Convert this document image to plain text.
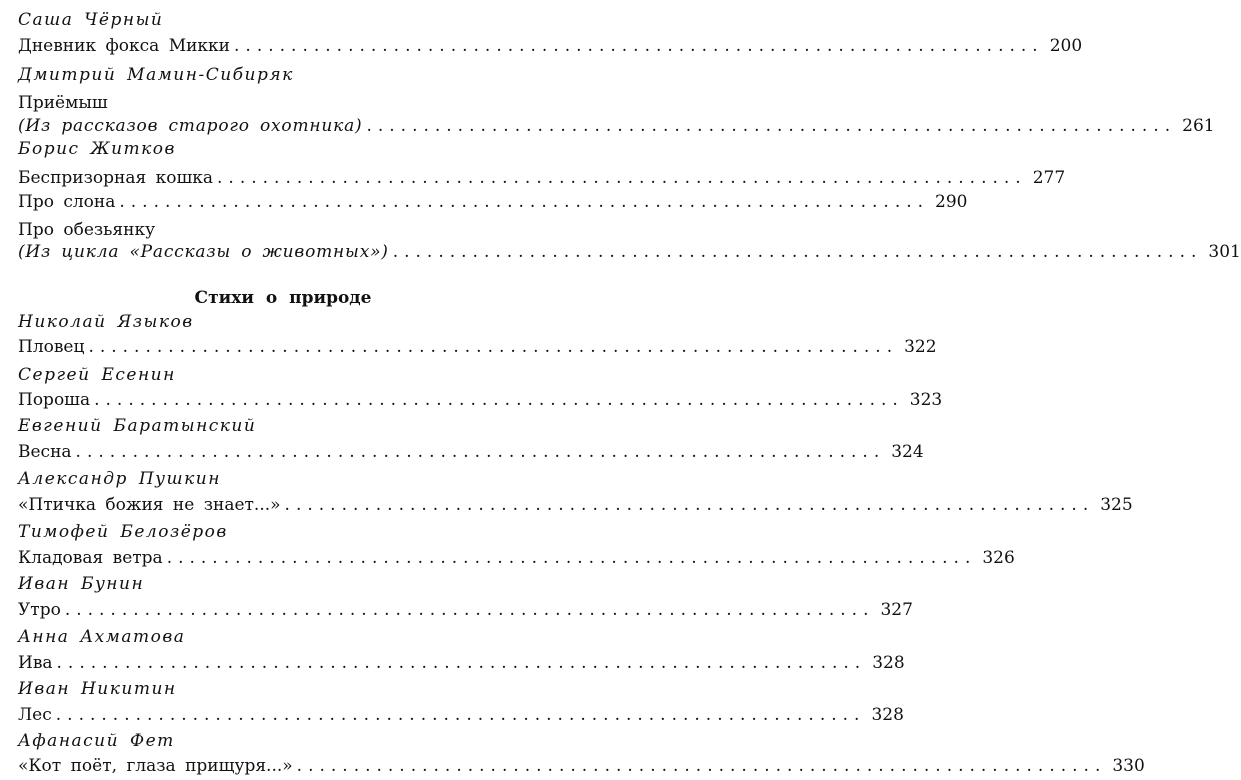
Саша Чёрный
Дневник фокса Микки ....................................................................... 200
Дмитрий Мамин-Сибиряк
Приёмыш
(Из рассказов старого охотника) ....................................................................... 261
Борис Житков
Беспризорная кошка ....................................................................... 277
Про слона ....................................................................... 290
Про обезьянку
(Из цикла «Рассказы о животных») ....................................................................... 301
Стихи о природе
Николай Языков
Пловец ....................................................................... 322
Сергей Есенин
Пороша ....................................................................... 323
Евгений Баратынский
Весна ....................................................................... 324
Александр Пушкин
«Птичка божия не знает...» ....................................................................... 325
Тимофей Белозёров
Кладовая ветра ....................................................................... 326
Иван Бунин
Утро ....................................................................... 327
Анна Ахматова
Ива ....................................................................... 328
Иван Никитин
Лес ....................................................................... 328
Афанасий Фет
«Кот поёт, глаза прищуря...» ....................................................................... 330
